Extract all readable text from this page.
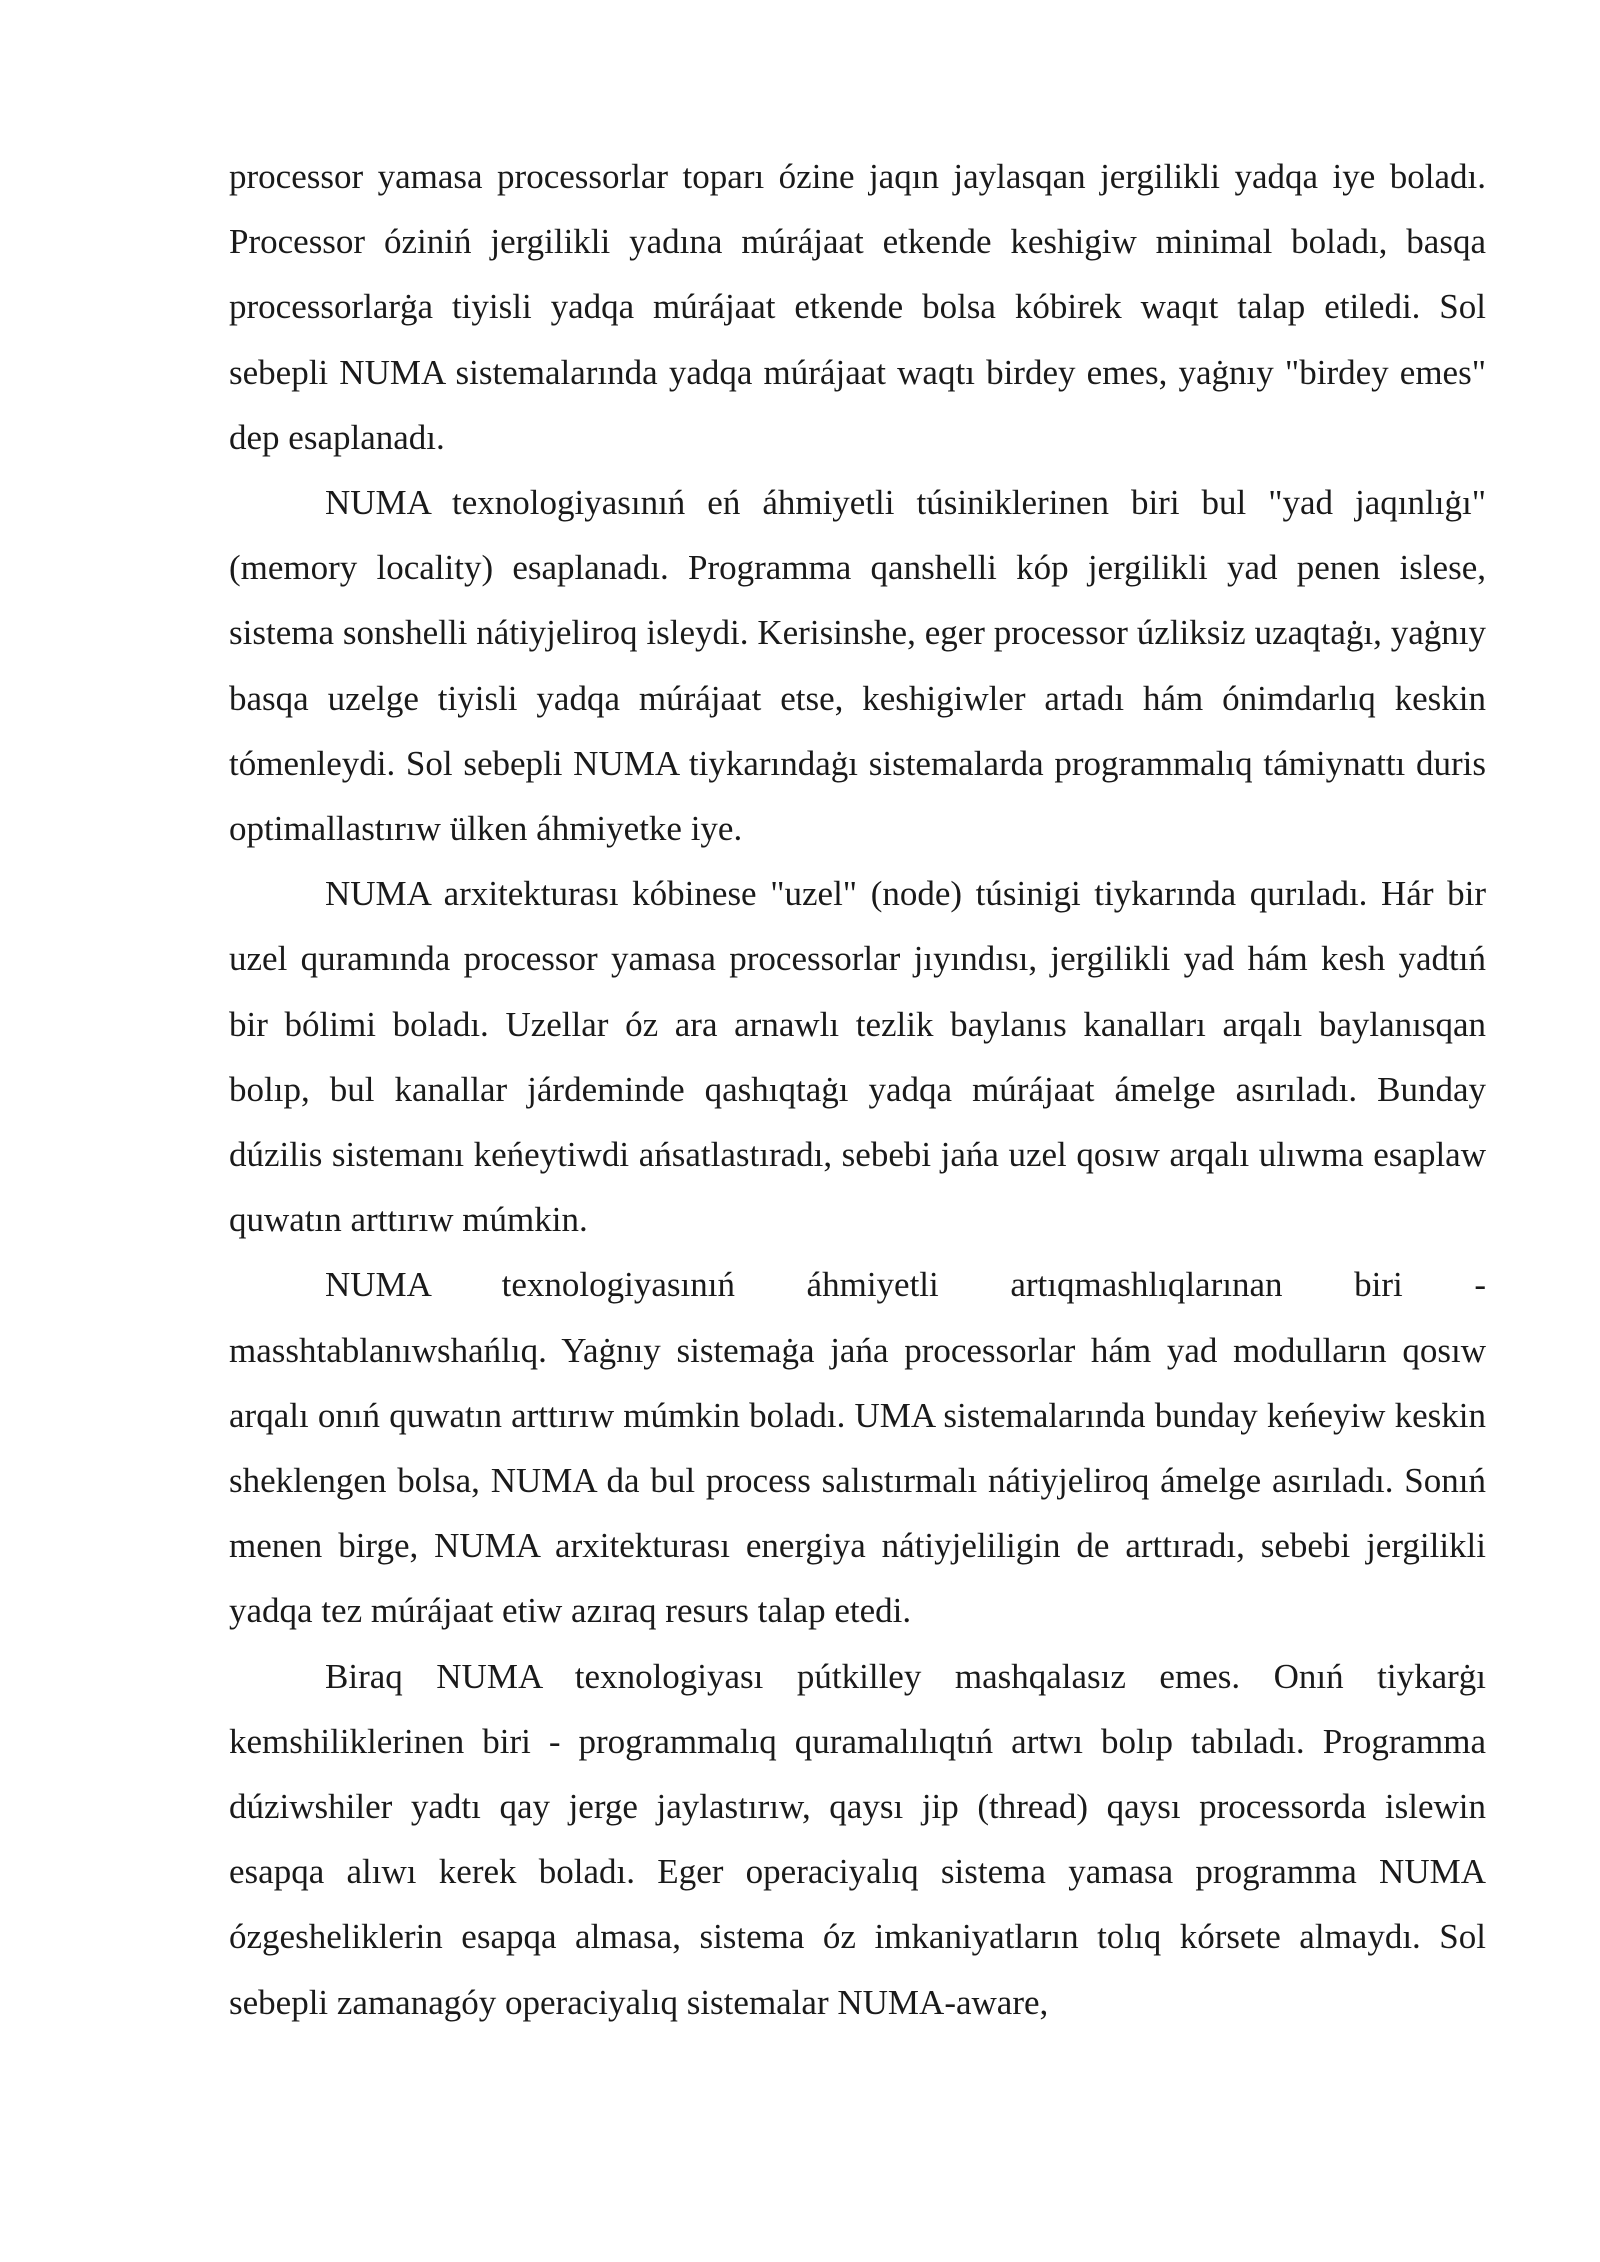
processor yamasa processorlar toparı ózine jaqın jaylasqan jergilikli yadqa iye boladı. Processor óziniń jergilikli yadına múrájaat etkende keshigiw minimal boladı, basqa processorlarġa tiyisli yadqa múrájaat etkende bolsa kóbirek waqıt talap etiledi. Sol sebepli NUMA sistemalarında yadqa múrájaat waqtı birdey emes, yaġnıy "birdey emes" dep esaplanadı.

NUMA texnologiyasınıń eń áhmiyetli túsiniklerinen biri bul "yad jaqınlıġı" (memory locality) esaplanadı. Programma qanshelli kóp jergilikli yad penen islese, sistema sonshelli nátiyjeliroq isleydi. Kerisinshe, eger processor úzliksiz uzaqtaġı, yaġnıy basqa uzelge tiyisli yadqa múrájaat etse, keshigiwler artadı hám ónimdarlıq keskin tómenleydi. Sol sebepli NUMA tiykarındaġı sistemalarda programmalıq támiynattı duris optimallastırıw ülken áhmiyetke iye.

NUMA arxitekturası kóbinese "uzel" (node) túsinigi tiykarında qurıladı. Hár bir uzel quramında processor yamasa processorlar jıyındısı, jergilikli yad hám kesh yadtıń bir bólimi boladı. Uzellar óz ara arnawlı tezlik baylanıs kanalları arqalı baylanısqan bolıp, bul kanallar járdeminde qashıqtaġı yadqa múrájaat ámelge asırıladı. Bunday dúzilis sistеmanı keńeytiwdi ańsatlastıradı, sebebi jańa uzel qosıw arqalı ulıwma esaplaw quwatın arttırıw múmkin.

NUMA texnologiyasınıń áhmiyetli artıqmashlıqlarınan biri - masshtablanıwshańlıq. Yaġnıy sistemaġa jańa processorlar hám yad modulların qosıw arqalı onıń quwatın arttırıw múmkin boladı. UMA sistemalarında bunday keńeyiw keskin sheklengen bolsa, NUMA da bul process salıstırmalı nátiyjeliroq ámelge asırıladı. Sonıń menen birge, NUMA arxitekturası energiya nátiyjeliligin de arttıradı, sebebi jergilikli yadqa tez múrájaat etiw azıraq resurs talap etedi.

Biraq NUMA texnologiyası pútkilley mashqalasız emes. Onıń tiykarġı kemshiliklerinen biri - programmalıq quramalılıqtıń artwı bolıp tabıladı. Programma dúziwshiler yadtı qay jerge jaylastırıw, qaysı jip (thread) qaysı processorda islewin esapqa alıwı kerek boladı. Eger operaciyalıq sistema yamasa programma NUMA ózgesheliklerin esapqa almasa, sistema óz imkaniyatların tolıq kórsete almaydı. Sol sebepli zamanagóy operaciyalıq sistemalar NUMA-aware,
